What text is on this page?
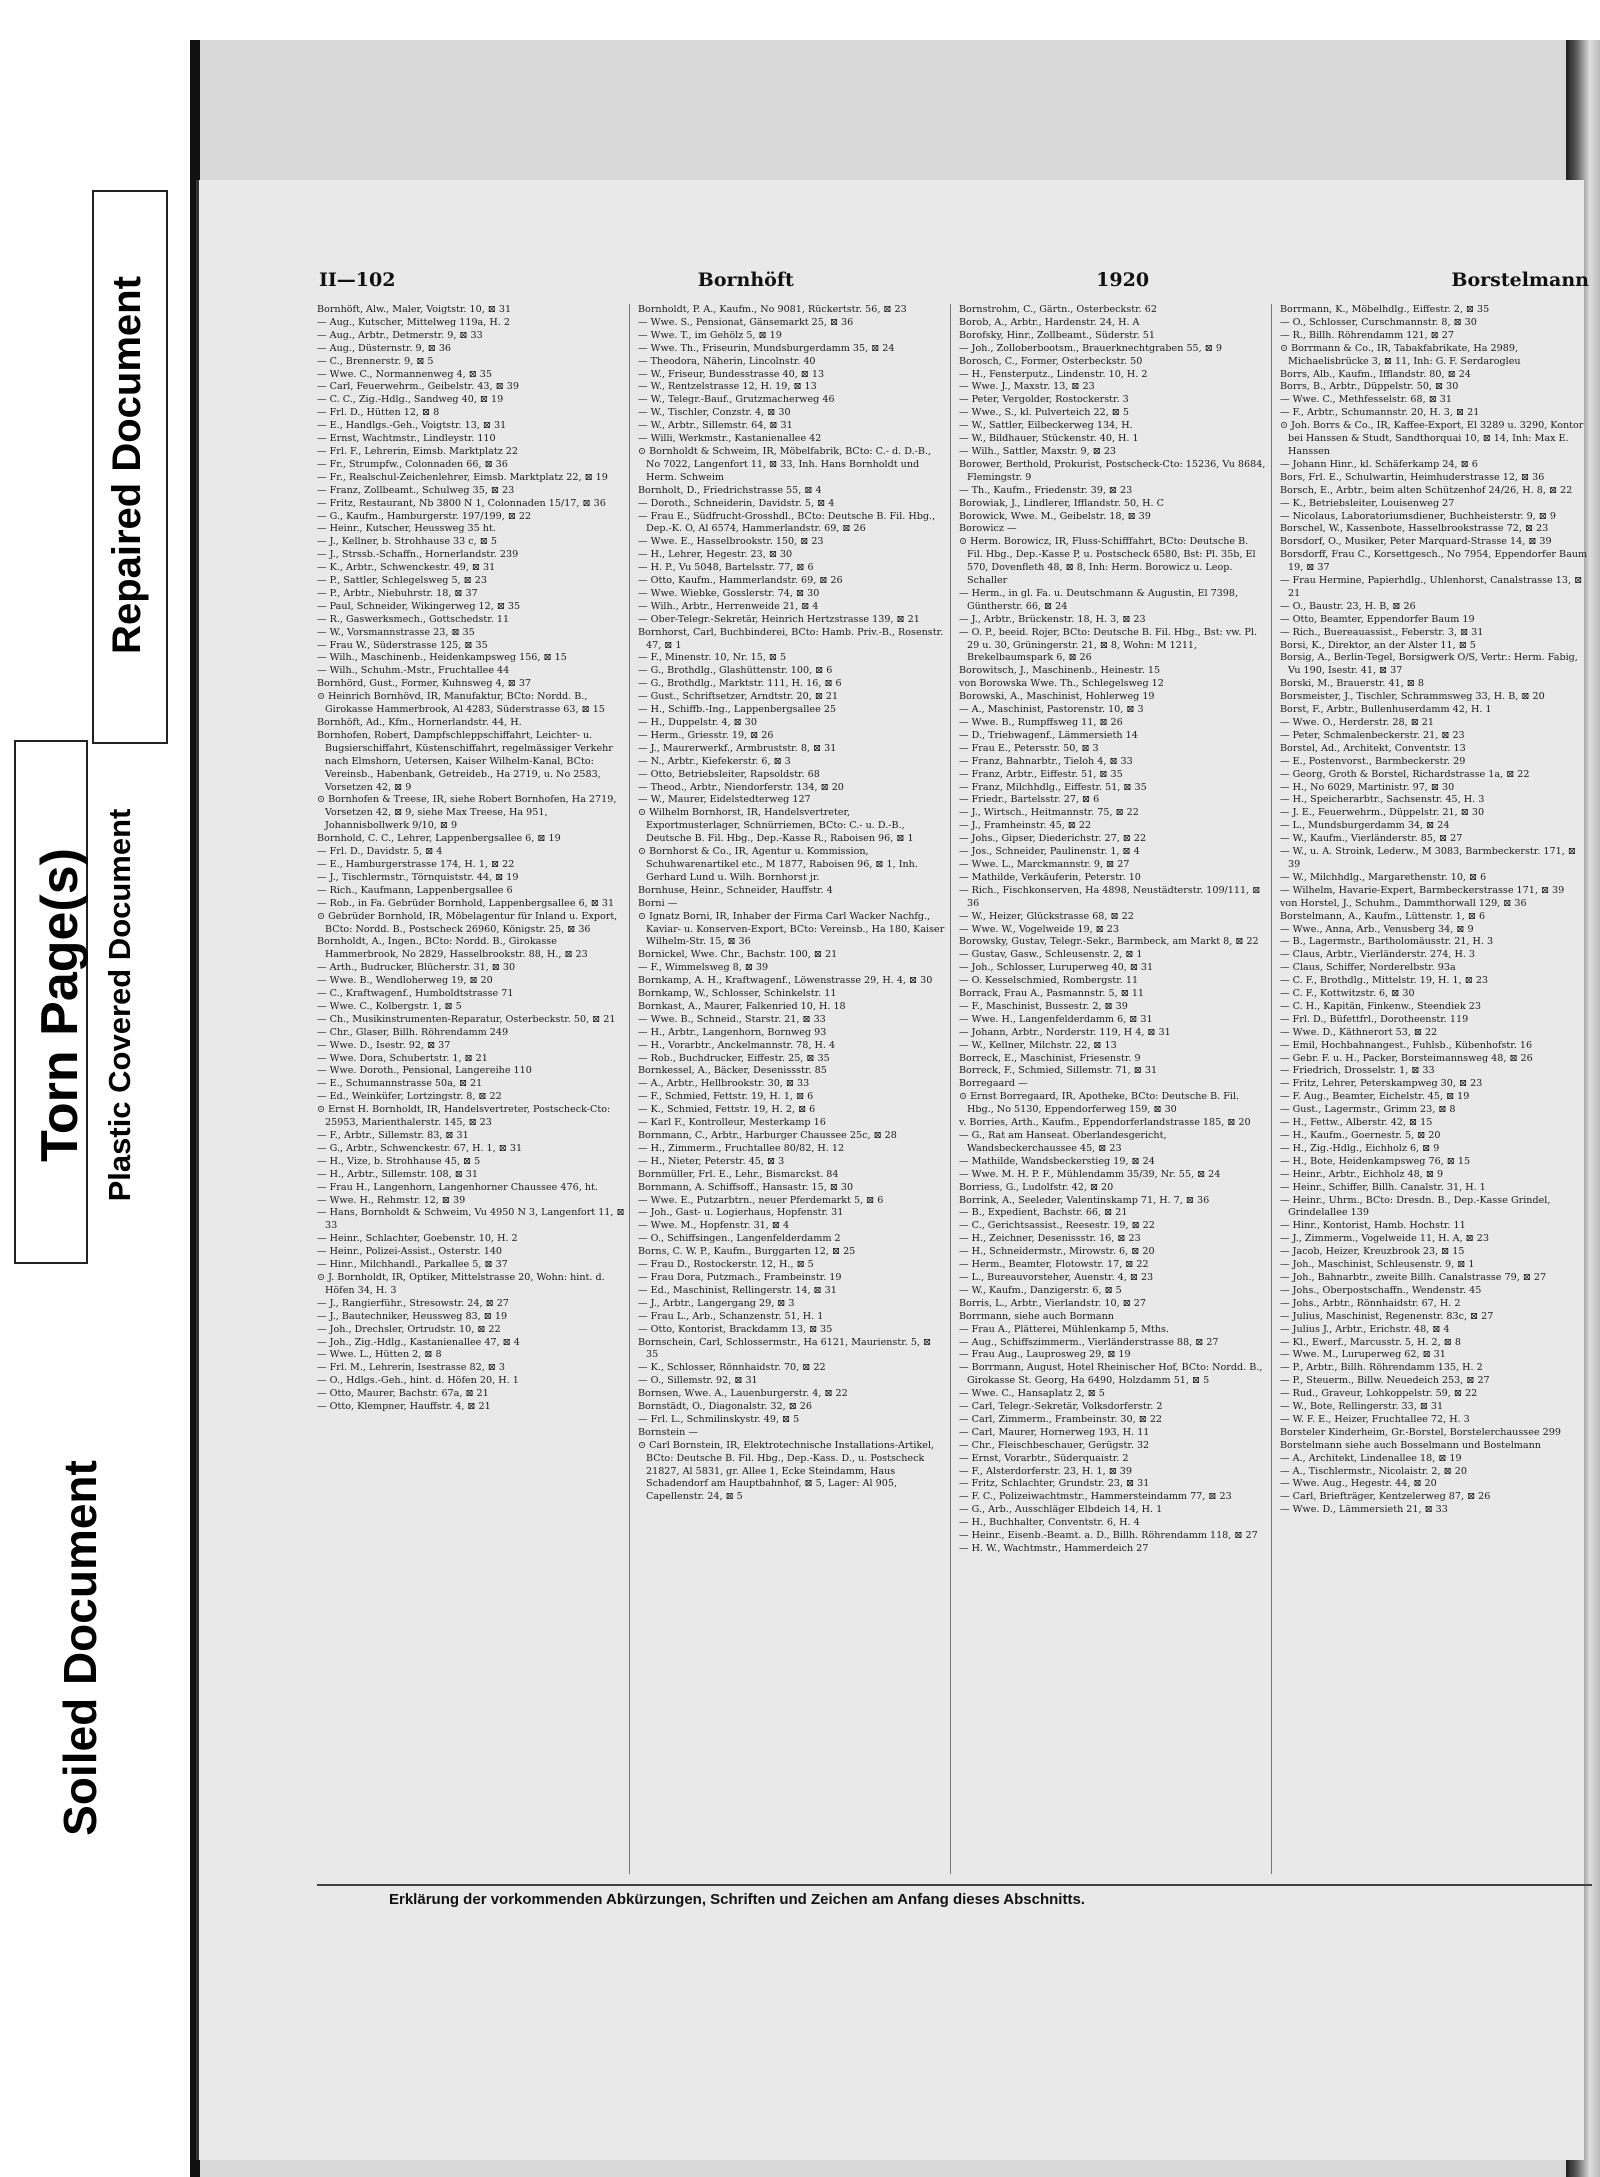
Torn Page(s)
Repaired Document
Plastic Covered Document
Soiled Document
II—102	Bornhöft	1920	Borstelmann

Bornhöft, Alw., Maler, Voigtstr. 10, ⊠ 31

— Aug., Kutscher, Mittelweg 119a, H. 2

— Aug., Arbtr., Detmerstr. 9, ⊠ 33

— Aug., Düsternstr. 9, ⊠ 36

— C., Brennerstr. 9, ⊠ 5

— Wwe. C., Normannenweg 4, ⊠ 35

— Carl, Feuerwehrm., Geibelstr. 43, ⊠ 39

— C. C., Zig.-Hdlg., Sandweg 40, ⊠ 19

— Frl. D., Hütten 12, ⊠ 8

— E., Handlgs.-Geh., Voigtstr. 13, ⊠ 31

— Ernst, Wachtmstr., Lindleystr. 110

— Frl. F., Lehrerin, Eimsb. Marktplatz 22

— Fr., Strumpfw., Colonnaden 66, ⊠ 36

— Fr., Realschul-Zeichenlehrer, Eimsb. Marktplatz 22, ⊠ 19

— Franz, Zollbeamt., Schulweg 35, ⊠ 23

— Fritz, Restaurant, Nb 3800 N 1, Colonnaden 15/17, ⊠ 36

— G., Kaufm., Hamburgerstr. 197/199, ⊠ 22

— Heinr., Kutscher, Heussweg 35 ht.

— J., Kellner, b. Strohhause 33 c, ⊠ 5

— J., Strssb.-Schaffn., Hornerlandstr. 239

— K., Arbtr., Schwenckestr. 49, ⊠ 31

— P., Sattler, Schlegelsweg 5, ⊠ 23

— P., Arbtr., Niebuhrstr. 18, ⊠ 37

— Paul, Schneider, Wikingerweg 12, ⊠ 35

— R., Gaswerksmech., Gottschedstr. 11

— W., Vorsmannstrasse 23, ⊠ 35

— Frau W., Süderstrasse 125, ⊠ 35

— Wilh., Maschinenb., Heidenkampsweg 156, ⊠ 15

— Wilh., Schuhm.-Mstr., Fruchtallee 44

Bornhörd, Gust., Former, Kuhnsweg 4, ⊠ 37

⊙ Heinrich Bornhövd, IR, Manufaktur, BCto: Nordd. B., Girokasse Hammerbrook, Al 4283, Süderstrasse 63, ⊠ 15

Bornhöft, Ad., Kfm., Hornerlandstr. 44, H.

Bornhofen, Robert, Dampfschleppschiffahrt, Leichter- u. Bugsierschiffahrt, Küstenschiffahrt, regelmässiger Verkehr nach Elmshorn, Uetersen, Kaiser Wilhelm-Kanal, BCto: Vereinsb., Habenbank, Getreideb., Ha 2719, u. No 2583, Vorsetzen 42, ⊠ 9

⊙ Bornhofen & Treese, IR, siehe Robert Bornhofen, Ha 2719, Vorsetzen 42, ⊠ 9, siehe Max Treese, Ha 951, Johannisbollwerk 9/10, ⊠ 9

Bornhold, C. C., Lehrer, Lappenbergsallee 6, ⊠ 19

— Frl. D., Davidstr. 5, ⊠ 4

— E., Hamburgerstrasse 174, H. 1, ⊠ 22

— J., Tischlermstr., Törnquiststr. 44, ⊠ 19

— Rich., Kaufmann, Lappenbergsallee 6

— Rob., in Fa. Gebrüder Bornhold, Lappenbergsallee 6, ⊠ 31

⊙ Gebrüder Bornhold, IR, Möbelagentur für Inland u. Export, BCto: Nordd. B., Postscheck 26960, Königstr. 25, ⊠ 36

Bornholdt, A., Ingen., BCto: Nordd. B., Girokasse Hammerbrook, No 2829, Hasselbrookstr. 88, H., ⊠ 23

— Arth., Budrucker, Blücherstr. 31, ⊠ 30

— Wwe. B., Wendloherweg 19, ⊠ 20

— C., Kraftwagenf., Humboldtstrasse 71

— Wwe. C., Kolbergstr. 1, ⊠ 5

— Ch., Musikinstrumenten-Reparatur, Osterbeckstr. 50, ⊠ 21

— Chr., Glaser, Billh. Röhrendamm 249

— Wwe. D., Isestr. 92, ⊠ 37

— Wwe. Dora, Schubertstr. 1, ⊠ 21

— Wwe. Doroth., Pensional, Langereihe 110

— E., Schumannstrasse 50a, ⊠ 21

— Ed., Weinküfer, Lortzingstr. 8, ⊠ 22

⊙ Ernst H. Bornholdt, IR, Handelsvertreter, Postscheck-Cto: 25953, Marienthalerstr. 145, ⊠ 23

— F., Arbtr., Sillemstr. 83, ⊠ 31

— G., Arbtr., Schwenckestr. 67, H. 1, ⊠ 31

— H., Vize, b. Strohhause 45, ⊠ 5

— H., Arbtr., Sillemstr. 108, ⊠ 31

— Frau H., Langenhorn, Langenhorner Chaussee 476, ht.

— Wwe. H., Rehmstr. 12, ⊠ 39

— Hans, Bornholdt & Schweim, Vu 4950 N 3, Langenfort 11, ⊠ 33

— Heinr., Schlachter, Goebenstr. 10, H. 2

— Heinr., Polizei-Assist., Osterstr. 140

— Hinr., Milchhandl., Parkallee 5, ⊠ 37

⊙ J. Bornholdt, IR, Optiker, Mittelstrasse 20, Wohn: hint. d. Höfen 34, H. 3

— J., Rangierführ., Stresowstr. 24, ⊠ 27

— J., Bautechniker, Heussweg 83, ⊠ 19

— Joh., Drechsler, Ortrudstr. 10, ⊠ 22

— Joh., Zig.-Hdlg., Kastanienallee 47, ⊠ 4

— Wwe. L., Hütten 2, ⊠ 8

— Frl. M., Lehrerin, Isestrasse 82, ⊠ 3

— O., Hdlgs.-Geh., hint. d. Höfen 20, H. 1

— Otto, Maurer, Bachstr. 67a, ⊠ 21

— Otto, Klempner, Hauffstr. 4, ⊠ 21

Bornholdt, P. A., Kaufm., No 9081, Rückertstr. 56, ⊠ 23

— Wwe. S., Pensionat, Gänsemarkt 25, ⊠ 36

— Wwe. T., im Gehölz 5, ⊠ 19

— Wwe. Th., Friseurin, Mundsburgerdamm 35, ⊠ 24

— Theodora, Näherin, Lincolnstr. 40

— W., Friseur, Bundesstrasse 40, ⊠ 13

— W., Rentzelstrasse 12, H. 19, ⊠ 13

— W., Telegr.-Bauf., Grutzmacherweg 46

— W., Tischler, Conzstr. 4, ⊠ 30

— W., Arbtr., Sillemstr. 64, ⊠ 31

— Willi, Werkmstr., Kastanienallee 42

⊙ Bornholdt & Schweim, IR, Möbelfabrik, BCto: C.- d. D.-B., No 7022, Langenfort 11, ⊠ 33, Inh. Hans Bornholdt und Herm. Schweim

Bornholt, D., Friedrichstrasse 55, ⊠ 4

— Doroth., Schneiderin, Davidstr. 5, ⊠ 4

— Frau E., Südfrucht-Grosshdl., BCto: Deutsche B. Fil. Hbg., Dep.-K. O, Al 6574, Hammerlandstr. 69, ⊠ 26

— Wwe. E., Hasselbrookstr. 150, ⊠ 23

— H., Lehrer, Hegestr. 23, ⊠ 30

— H. P., Vu 5048, Bartelsstr. 77, ⊠ 6

— Otto, Kaufm., Hammerlandstr. 69, ⊠ 26

— Wwe. Wiebke, Gosslerstr. 74, ⊠ 30

— Wilh., Arbtr., Herrenweide 21, ⊠ 4

— Ober-Telegr.-Sekretär, Heinrich Hertzstrasse 139, ⊠ 21

Bornhorst, Carl, Buchbinderei, BCto: Hamb. Priv.-B., Rosenstr. 47, ⊠ 1

— F., Minenstr. 10, Nr. 15, ⊠ 5

— G., Brothdlg., Glashüttenstr. 100, ⊠ 6

— G., Brothdlg., Marktstr. 111, H. 16, ⊠ 6

— Gust., Schriftsetzer, Arndtstr. 20, ⊠ 21

— H., Schiffb.-Ing., Lappenbergsallee 25

— H., Duppelstr. 4, ⊠ 30

— Herm., Griesstr. 19, ⊠ 26

— J., Maurerwerkf., Armbruststr. 8, ⊠ 31

— N., Arbtr., Kiefekerstr. 6, ⊠ 3

— Otto, Betriebsleiter, Rapsoldstr. 68

— Theod., Arbtr., Niendorferstr. 134, ⊠ 20

— W., Maurer, Eidelstedterweg 127

⊙ Wilhelm Bornhorst, IR, Handelsvertreter, Exportmusterlager, Schnürriemen, BCto: C.- u. D.-B., Deutsche B. Fil. Hbg., Dep.-Kasse R., Raboisen 96, ⊠ 1

⊙ Bornhorst & Co., IR, Agentur u. Kommission, Schuhwarenartikel etc., M 1877, Raboisen 96, ⊠ 1, Inh. Gerhard Lund u. Wilh. Bornhorst jr.

Bornhuse, Heinr., Schneider, Hauffstr. 4

Borni —

⊙ Ignatz Borni, IR, Inhaber der Firma Carl Wacker Nachfg., Kaviar- u. Konserven-Export, BCto: Vereinsb., Ha 180, Kaiser Wilhelm-Str. 15, ⊠ 36

Bornickel, Wwe. Chr., Bachstr. 100, ⊠ 21

— F., Wimmelsweg 8, ⊠ 39

Bornkamp, A. H., Kraftwagenf., Löwenstrasse 29, H. 4, ⊠ 30

Bornkamp, W., Schlosser, Schinkelstr. 11

Bornkast, A., Maurer, Falkenried 10, H. 18

— Wwe. B., Schneid., Starstr. 21, ⊠ 33

— H., Arbtr., Langenhorn, Bornweg 93

— H., Vorarbtr., Anckelmannstr. 78, H. 4

— Rob., Buchdrucker, Eiffestr. 25, ⊠ 35

Bornkessel, A., Bäcker, Desenissstr. 85

— A., Arbtr., Hellbrookstr. 30, ⊠ 33

— F., Schmied, Fettstr. 19, H. 1, ⊠ 6

— K., Schmied, Fettstr. 19, H. 2, ⊠ 6

— Karl F., Kontrolleur, Mesterkamp 16

Bornmann, C., Arbtr., Harburger Chaussee 25c, ⊠ 28

— H., Zimmerm., Fruchtallee 80/82, H. 12

— H., Nieter, Peterstr. 45, ⊠ 3

Bornmüller, Frl. E., Lehr., Bismarckst. 84

Bornmann, A. Schiffsoff., Hansastr. 15, ⊠ 30

— Wwe. E., Putzarbtrn., neuer Pferdemarkt 5, ⊠ 6

— Joh., Gast- u. Logierhaus, Hopfenstr. 31

— Wwe. M., Hopfenstr. 31, ⊠ 4

— O., Schiffsingen., Langenfelderdamm 2

Borns, C. W. P., Kaufm., Burggarten 12, ⊠ 25

— Frau D., Rostockerstr. 12, H., ⊠ 5

— Frau Dora, Putzmach., Frambeinstr. 19

— Ed., Maschinist, Rellingerstr. 14, ⊠ 31

— J., Arbtr., Langergang 29, ⊠ 3

— Frau L., Arb., Schanzenstr. 51, H. 1

— Otto, Kontorist, Brackdamm 13, ⊠ 35

Bornschein, Carl, Schlossermstr., Ha 6121, Maurienstr. 5, ⊠ 35

— K., Schlosser, Rönnhaidstr. 70, ⊠ 22

— O., Sillemstr. 92, ⊠ 31

Bornsen, Wwe. A., Lauenburgerstr. 4, ⊠ 22

Bornstädt, O., Diagonalstr. 32, ⊠ 26

— Frl. L., Schmilinskystr. 49, ⊠ 5

Bornstein —

⊙ Carl Bornstein, IR, Elektrotechnische Installations-Artikel, BCto: Deutsche B. Fil. Hbg., Dep.-Kass. D., u. Postscheck 21827, Al 5831, gr. Allee 1, Ecke Steindamm, Haus Schadendorf am Hauptbahnhof, ⊠ 5, Lager: Al 905, Capellenstr. 24, ⊠ 5

Bornstrohm, C., Gärtn., Osterbeckstr. 62

Borob, A., Arbtr., Hardenstr. 24, H. A

Borofsky, Hinr., Zollbeamt., Süderstr. 51

— Joh., Zolloberbootsm., Brauerknechtgraben 55, ⊠ 9

Borosch, C., Former, Osterbeckstr. 50

— H., Fensterputz., Lindenstr. 10, H. 2

— Wwe. J., Maxstr. 13, ⊠ 23

— Peter, Vergolder, Rostockerstr. 3

— Wwe., S., kl. Pulverteich 22, ⊠ 5

— W., Sattler, Eilbeckerweg 134, H.

— W., Bildhauer, Stückenstr. 40, H. 1

— Wilh., Sattler, Maxstr. 9, ⊠ 23

Borower, Berthold, Prokurist, Postscheck-Cto: 15236, Vu 8684, Flemingstr. 9

— Th., Kaufm., Friedenstr. 39, ⊠ 23

Borowiak, J., Lindlerer, Ifflandstr. 50, H. C

Borowick, Wwe. M., Geibelstr. 18, ⊠ 39

Borowicz —

⊙ Herm. Borowicz, IR, Fluss-Schifffahrt, BCto: Deutsche B. Fil. Hbg., Dep.-Kasse P, u. Postscheck 6580, Bst: Pl. 35b, El 570, Dovenfleth 48, ⊠ 8, Inh: Herm. Borowicz u. Leop. Schaller

— Herm., in gl. Fa. u. Deutschmann & Augustin, El 7398, Güntherstr. 66, ⊠ 24

— J., Arbtr., Brückenstr. 18, H. 3, ⊠ 23

— O. P., beeid. Rojer, BCto: Deutsche B. Fil. Hbg., Bst: vw. Pl. 29 u. 30, Grüningerstr. 21, ⊠ 8, Wohn: M 1211, Brekelbaumspark 6, ⊠ 26

Borowitsch, J., Maschinenb., Heinestr. 15

von Borowska Wwe. Th., Schlegelsweg 12

Borowski, A., Maschinist, Hohlerweg 19

— A., Maschinist, Pastorenstr. 10, ⊠ 3

— Wwe. B., Rumpffsweg 11, ⊠ 26

— D., Triebwagenf., Lämmersieth 14

— Frau E., Petersstr. 50, ⊠ 3

— Franz, Bahnarbtr., Tieloh 4, ⊠ 33

— Franz, Arbtr., Eiffestr. 51, ⊠ 35

— Franz, Milchhdlg., Eiffestr. 51, ⊠ 35

— Friedr., Bartelsstr. 27, ⊠ 6

— J., Wirtsch., Heitmannstr. 75, ⊠ 22

— J., Framheinstr. 45, ⊠ 22

— Johs., Gipser, Diederichstr. 27, ⊠ 22

— Jos., Schneider, Paulinenstr. 1, ⊠ 4

— Wwe. L., Marckmannstr. 9, ⊠ 27

— Mathilde, Verkäuferin, Peterstr. 10

— Rich., Fischkonserven, Ha 4898, Neustädterstr. 109/111, ⊠ 36

— W., Heizer, Glückstrasse 68, ⊠ 22

— Wwe. W., Vogelweide 19, ⊠ 23

Borowsky, Gustav, Telegr.-Sekr., Barmbeck, am Markt 8, ⊠ 22

— Gustav, Gasw., Schleusenstr. 2, ⊠ 1

— Joh., Schlosser, Luruperweg 40, ⊠ 31

— O. Kesselschmied, Rombergstr. 11

Borrack, Frau A., Pasmannstr. 5, ⊠ 11

— F., Maschinist, Bussestr. 2, ⊠ 39

— Wwe. H., Langenfelderdamm 6, ⊠ 31

— Johann, Arbtr., Norderstr. 119, H 4, ⊠ 31

— W., Kellner, Milchstr. 22, ⊠ 13

Borreck, E., Maschinist, Friesenstr. 9

Borreck, F., Schmied, Sillemstr. 71, ⊠ 31

Borregaard —

⊙ Ernst Borregaard, IR, Apotheke, BCto: Deutsche B. Fil. Hbg., No 5130, Eppendorferweg 159, ⊠ 30

v. Borries, Arth., Kaufm., Eppendorferlandstrasse 185, ⊠ 20

— G., Rat am Hanseat. Oberlandesgericht, Wandsbeckerchaussee 45, ⊠ 23

— Mathilde, Wandsbeckerstieg 19, ⊠ 24

— Wwe. M. H. P. F., Mühlendamm 35/39, Nr. 55, ⊠ 24

Borriess, G., Ludolfstr. 42, ⊠ 20

Borrink, A., Seeleder, Valentinskamp 71, H. 7, ⊠ 36

— B., Expedient, Bachstr. 66, ⊠ 21

— C., Gerichtsassist., Reesestr. 19, ⊠ 22

— H., Zeichner, Desenissstr. 16, ⊠ 23

— H., Schneidermstr., Mirowstr. 6, ⊠ 20

— Herm., Beamter, Flotowstr. 17, ⊠ 22

— L., Bureauvorsteher, Auenstr. 4, ⊠ 23

— W., Kaufm., Danzigerstr. 6, ⊠ 5

Borris, L., Arbtr., Vierlandstr. 10, ⊠ 27

Borrmann, siehe auch Bormann

— Frau A., Plätterei, Mühlenkamp 5, Mths.

— Aug., Schiffszimmerm., Vierländerstrasse 88, ⊠ 27

— Frau Aug., Lauprosweg 29, ⊠ 19

— Borrmann, August, Hotel Rheinischer Hof, BCto: Nordd. B., Girokasse St. Georg, Ha 6490, Holzdamm 51, ⊠ 5

— Wwe. C., Hansaplatz 2, ⊠ 5

— Carl, Telegr.-Sekretär, Volksdorferstr. 2

— Carl, Zimmerm., Frambeinstr. 30, ⊠ 22

— Carl, Maurer, Hornerweg 193, H. 11

— Chr., Fleischbeschauer, Gerügstr. 32

— Ernst, Vorarbtr., Süderquaistr. 2

— F., Alsterdorferstr. 23, H. 1, ⊠ 39

— Fritz, Schlachter, Grundstr. 23, ⊠ 31

— F. C., Polizeiwachtmstr., Hammersteindamm 77, ⊠ 23

— G., Arb., Ausschläger Elbdeich 14, H. 1

— H., Buchhalter, Conventstr. 6, H. 4

— Heinr., Eisenb.-Beamt. a. D., Billh. Röhrendamm 118, ⊠ 27

— H. W., Wachtmstr., Hammerdeich 27

Borrmann, K., Möbelhdlg., Eiffestr. 2, ⊠ 35

— O., Schlosser, Curschmannstr. 8, ⊠ 30

— R., Billh. Röhrendamm 121, ⊠ 27

⊙ Borrmann & Co., IR, Tabakfabrikate, Ha 2989, Michaelisbrücke 3, ⊠ 11, Inh: G. F. Serdarogleu

Borrs, Alb., Kaufm., Ifflandstr. 80, ⊠ 24

Borrs, B., Arbtr., Düppelstr. 50, ⊠ 30

— Wwe. C., Methfesselstr. 68, ⊠ 31

— F., Arbtr., Schumannstr. 20, H. 3, ⊠ 21

⊙ Joh. Borrs & Co., IR, Kaffee-Export, El 3289 u. 3290, Kontor bei Hanssen & Studt, Sandthorquai 10, ⊠ 14, Inh: Max E. Hanssen

— Johann Hinr., kl. Schäferkamp 24, ⊠ 6

Bors, Frl. E., Schulwartin, Heimhuderstrasse 12, ⊠ 36

Borsch, E., Arbtr., beim alten Schützenhof 24/26, H. 8, ⊠ 22

— K., Betriebsleiter, Louisenweg 27

— Nicolaus, Laboratoriumsdiener, Buchheisterstr. 9, ⊠ 9

Borschel, W., Kassenbote, Hasselbrookstrasse 72, ⊠ 23

Borsdorf, O., Musiker, Peter Marquard-Strasse 14, ⊠ 39

Borsdorff, Frau C., Korsettgesch., No 7954, Eppendorfer Baum 19, ⊠ 37

— Frau Hermine, Papierhdlg., Uhlenhorst, Canalstrasse 13, ⊠ 21

— O., Baustr. 23, H. B, ⊠ 26

— Otto, Beamter, Eppendorfer Baum 19

— Rich., Buereauassist., Feberstr. 3, ⊠ 31

Borsi, K., Direktor, an der Alster 11, ⊠ 5

Borsig, A., Berlin-Tegel, Borsigwerk O/S, Vertr.: Herm. Fabig, Vu 190, Isestr. 41, ⊠ 37

Borski, M., Brauerstr. 41, ⊠ 8

Borsmeister, J., Tischler, Schrammsweg 33, H. B, ⊠ 20

Borst, F., Arbtr., Bullenhuserdamm 42, H. 1

— Wwe. O., Herderstr. 28, ⊠ 21

— Peter, Schmalenbeckerstr. 21, ⊠ 23

Borstel, Ad., Architekt, Conventstr. 13

— E., Postenvorst., Barmbeckerstr. 29

— Georg, Groth & Borstel, Richardstrasse 1a, ⊠ 22

— H., No 6029, Martinistr. 97, ⊠ 30

— H., Speicherarbtr., Sachsenstr. 45, H. 3

— J. E., Feuerwehrm., Düppelstr. 21, ⊠ 30

— L., Mundsburgerdamm 34, ⊠ 24

— W., Kaufm., Vierländerstr. 85, ⊠ 27

— W., u. A. Stroink, Lederw., M 3083, Barmbeckerstr. 171, ⊠ 39

— W., Milchhdlg., Margarethenstr. 10, ⊠ 6

— Wilhelm, Havarie-Expert, Barmbeckerstrasse 171, ⊠ 39

von Horstel, J., Schuhm., Dammthorwall 129, ⊠ 36

Borstelmann, A., Kaufm., Lüttenstr. 1, ⊠ 6

— Wwe., Anna, Arb., Venusberg 34, ⊠ 9

— B., Lagermstr., Bartholomäusstr. 21, H. 3

— Claus, Arbtr., Vierländerstr. 274, H. 3

— Claus, Schiffer, Norderelbstr. 93a

— C. F., Brothdlg., Mittelstr. 19, H. 1, ⊠ 23

— C. F., Kottwitzstr. 6, ⊠ 30

— C. H., Kapitän, Finkenw., Steendiek 23

— Frl. D., Büfettfrl., Dorotheenstr. 119

— Wwe. D., Käthnerort 53, ⊠ 22

— Emil, Hochbahnangest., Fuhlsb., Kübenhofstr. 16

— Gebr. F. u. H., Packer, Borsteimannsweg 48, ⊠ 26

— Friedrich, Drosselstr. 1, ⊠ 33

— Fritz, Lehrer, Peterskampweg 30, ⊠ 23

— F. Aug., Beamter, Eichelstr. 45, ⊠ 19

— Gust., Lagermstr., Grimm 23, ⊠ 8

— H., Fettw., Alberstr. 42, ⊠ 15

— H., Kaufm., Goernestr. 5, ⊠ 20

— H., Zig.-Hdlg., Eichholz 6, ⊠ 9

— H., Bote, Heidenkampsweg 76, ⊠ 15

— Heinr., Arbtr., Eichholz 48, ⊠ 9

— Heinr., Schiffer, Billh. Canalstr. 31, H. 1

— Heinr., Uhrm., BCto: Dresdn. B., Dep.-Kasse Grindel, Grindelallee 139

— Hinr., Kontorist, Hamb. Hochstr. 11

— J., Zimmerm., Vogelweide 11, H. A, ⊠ 23

— Jacob, Heizer, Kreuzbrook 23, ⊠ 15

— Joh., Maschinist, Schleusenstr. 9, ⊠ 1

— Joh., Bahnarbtr., zweite Billh. Canalstrasse 79, ⊠ 27

— Johs., Oberpostschaffn., Wendenstr. 45

— Johs., Arbtr., Rönnhaidstr. 67, H. 2

— Julius, Maschinist, Regenenstr. 83c, ⊠ 27

— Julius J., Arbtr., Erichstr. 48, ⊠ 4

— Kl., Ewerf., Marcusstr. 5, H. 2, ⊠ 8

— Wwe. M., Luruperweg 62, ⊠ 31

— P., Arbtr., Billh. Röhrendamm 135, H. 2

— P., Steuerm., Billw. Neuedeich 253, ⊠ 27

— Rud., Graveur, Lohkoppelstr. 59, ⊠ 22

— W., Bote, Rellingerstr. 33, ⊠ 31

— W. F. E., Heizer, Fruchtallee 72, H. 3

Borsteler Kinderheim, Gr.-Borstel, Borstelerchaussee 299

Borstelmann siehe auch Bosselmann und Bostelmann

— A., Architekt, Lindenallee 18, ⊠ 19

— A., Tischlermstr., Nicolaistr. 2, ⊠ 20

— Wwe. Aug., Hegestr. 44, ⊠ 20

— Carl, Briefträger, Kentzelerweg 87, ⊠ 26

— Wwe. D., Lämmersieth 21, ⊠ 33

Erklärung der vorkommenden Abkürzungen, Schriften und Zeichen am Anfang dieses Abschnitts.
